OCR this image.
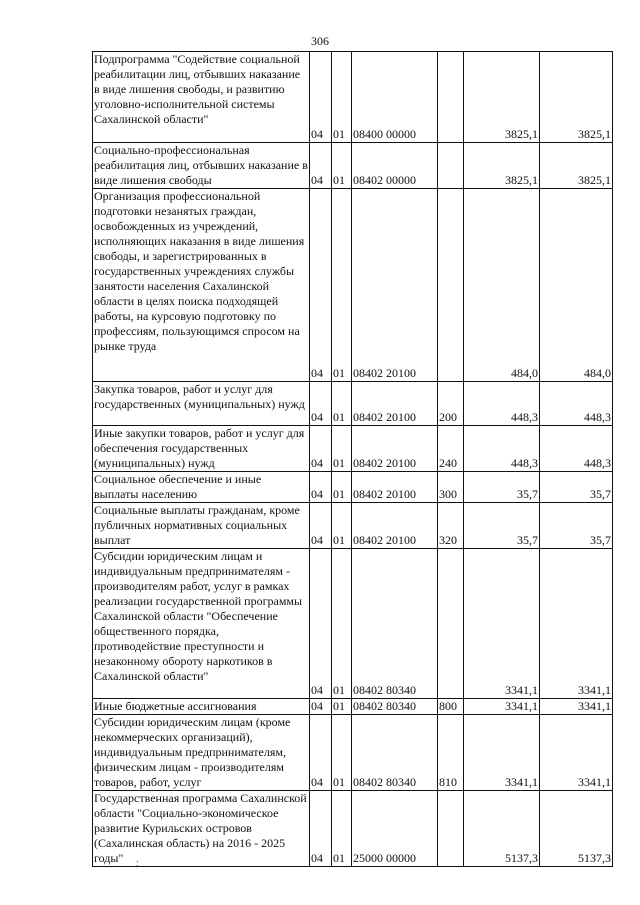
306
Подпрограмма "Содействие социальной реабилитации лиц, отбывших наказание в виде лишения свободы, и развитию уголовно-исполнительной системы Сахалинской области"	04	01	08400 00000		3825,1	3825,1

Социально-профессиональная реабилитация лиц, отбывших наказание в виде лишения свободы	04	01	08402 00000		3825,1	3825,1

Организация профессиональной подготовки незанятых граждан, освобожденных из учреждений, исполняющих наказания в виде лишения свободы, и зарегистрированных в государственных учреждениях службы занятости населения Сахалинской области в целях поиска подходящей работы, на курсовую подготовку по профессиям, пользующимся спросом на рынке труда	04	01	08402 20100		484,0	484,0

Закупка товаров, работ и услуг для государственных (муниципальных) нужд	04	01	08402 20100	200	448,3	448,3

Иные закупки товаров, работ и услуг для обеспечения государственных (муниципальных) нужд	04	01	08402 20100	240	448,3	448,3

Социальное обеспечение и иные выплаты населению	04	01	08402 20100	300	35,7	35,7

Социальные выплаты гражданам, кроме публичных нормативных социальных выплат	04	01	08402 20100	320	35,7	35,7

Субсидии юридическим лицам и индивидуальным предпринимателям - производителям работ, услуг в рамках реализации государственной программы Сахалинской области "Обеспечение общественного порядка, противодействие преступности и незаконному обороту наркотиков в Сахалинской области"	04	01	08402 80340		3341,1	3341,1

Иные бюджетные ассигнования	04	01	08402 80340	800	3341,1	3341,1

Субсидии юридическим лицам (кроме некоммерческих организаций), индивидуальным предпринимателям, физическим лицам - производителям товаров, работ, услуг	04	01	08402 80340	810	3341,1	3341,1

Государственная программа Сахалинской области "Социально-экономическое развитие Курильских островов (Сахалинская область) на 2016 - 2025 годы"	04	01	25000 00000		5137,3	5137,3
;
